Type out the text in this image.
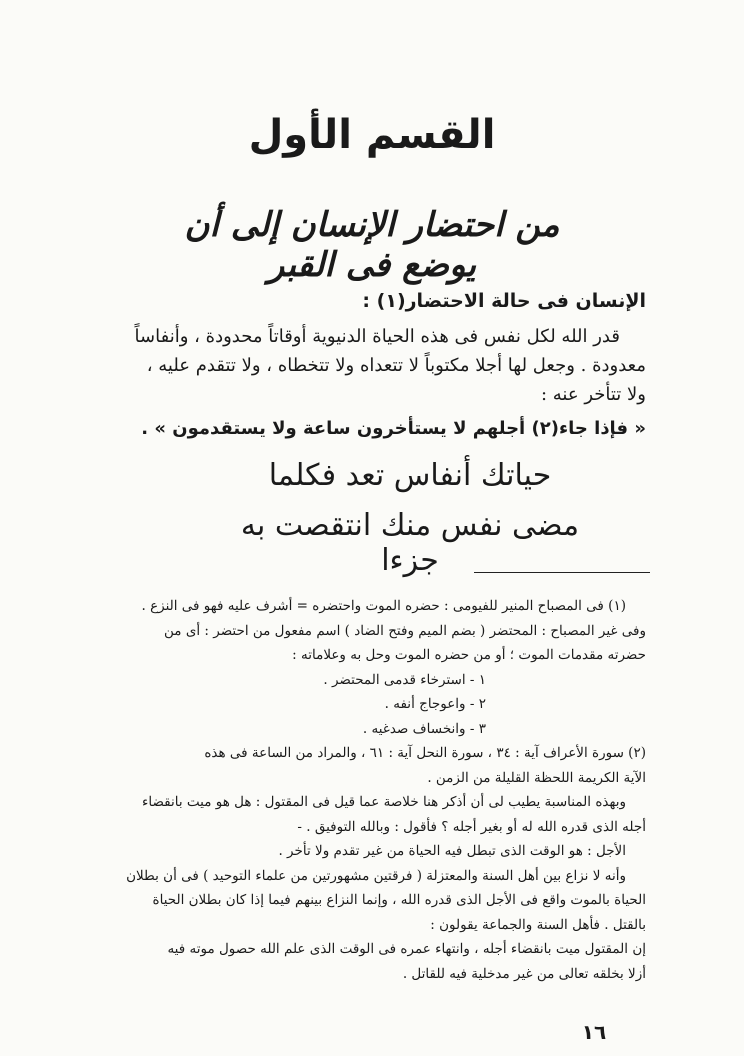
القسم الأول
من احتضار الإنسان إلى أن يوضع فى القبر
الإنسان فى حالة الاحتضار(١) :
قدر الله لكل نفس فى هذه الحياة الدنيوية أوقاتاً محدودة ، وأنفاساً
معدودة . وجعل لها أجلا مكتوباً لا تتعداه ولا تتخطاه ، ولا تتقدم عليه ،
ولا تتأخر عنه :
« فإذا جاء(٢) أجلهم لا يستأخرون ساعة ولا يستقدمون » .
حياتك أنفاس تعد فكلما
مضى نفس منك انتقصت به جزءا
(١) فى المصباح المنير للفيومى : حضره الموت واحتضره = أشرف عليه فهو فى النزع .
وفى غير المصباح : المحتضر ( بضم الميم وفتح الضاد ) اسم مفعول من احتضر : أى من
حضرته مقدمات الموت ؛ أو من حضره الموت وحل به وعلاماته :
١ - استرخاء قدمى المحتضر .
٢ - واعوجاج أنفه .
٣ - وانخساف صدغيه .
(٢) سورة الأعراف آية : ٣٤ ، سورة النحل آية : ٦١ ، والمراد من الساعة فى هذه
الآية الكريمة اللحظة القليلة من الزمن .
وبهذه المناسبة يطيب لى أن أذكر هنا خلاصة عما قيل فى المقتول : هل هو ميت بانقضاء
أجله الذى قدره الله له أو بغير أجله ؟ فأقول : وبالله التوفيق . -
الأجل : هو الوقت الذى تبطل فيه الحياة من غير تقدم ولا تأخر .
وأنه لا نزاع بين أهل السنة والمعتزلة ( فرقتين مشهورتين من علماء التوحيد ) فى أن بطلان
الحياة بالموت واقع فى الأجل الذى قدره الله ، وإنما النزاع بينهم فيما إذا كان بطلان الحياة
بالقتل . فأهل السنة والجماعة يقولون :
إن المقتول ميت بانقضاء أجله ، وانتهاء عمره فى الوقت الذى علم الله حصول موته فيه
أزلا بخلقه تعالى من غير مدخلية فيه للقاتل .
١٦
